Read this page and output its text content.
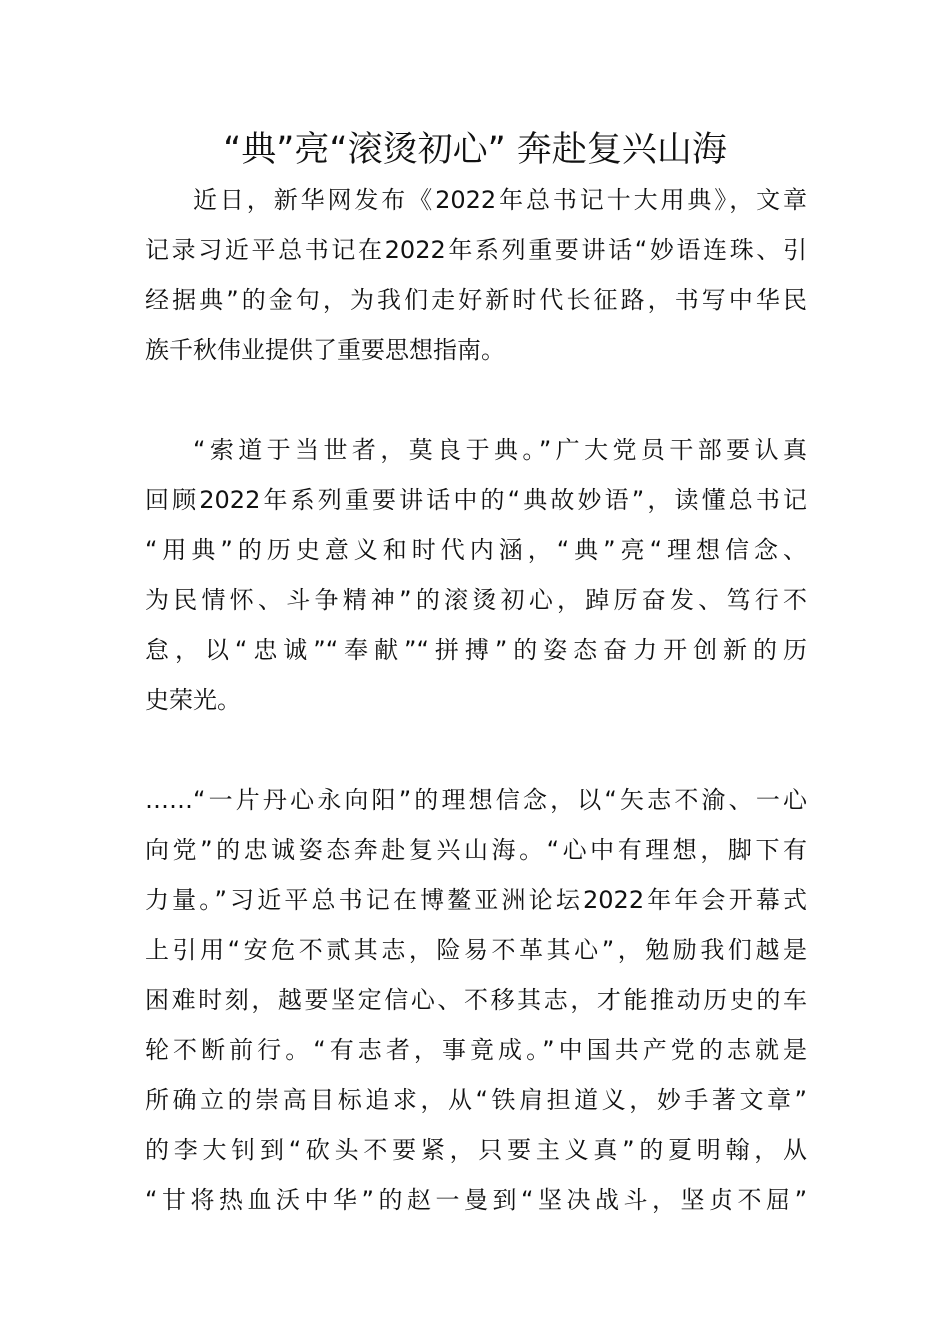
“典”亮“滚烫初心” 奔赴复兴山海
近日，新华网发布《2022年总书记十大用典》，文章
记录习近平总书记在2022年系列重要讲话“妙语连珠、引
经据典”的金句，为我们走好新时代长征路，书写中华民
族千秋伟业提供了重要思想指南。
“索道于当世者，莫良于典。”广大党员干部要认真
回顾2022年系列重要讲话中的“典故妙语”，读懂总书记
“用典”的历史意义和时代内涵，“典”亮“理想信念、
为民情怀、斗争精神”的滚烫初心，踔厉奋发、笃行不
怠，以“忠诚”“奉献”“拼搏”的姿态奋力开创新的历
史荣光。
……“一片丹心永向阳”的理想信念，以“矢志不渝、一心
向党”的忠诚姿态奔赴复兴山海。“心中有理想，脚下有
力量。”习近平总书记在博鳌亚洲论坛2022年年会开幕式
上引用“安危不贰其志，险易不革其心”，勉励我们越是
困难时刻，越要坚定信心、不移其志，才能推动历史的车
轮不断前行。“有志者，事竟成。”中国共产党的志就是
所确立的崇高目标追求，从“铁肩担道义，妙手著文章”
的李大钊到“砍头不要紧，只要主义真”的夏明翰，从
“甘将热血沃中华”的赵一曼到“坚决战斗，坚贞不屈”
